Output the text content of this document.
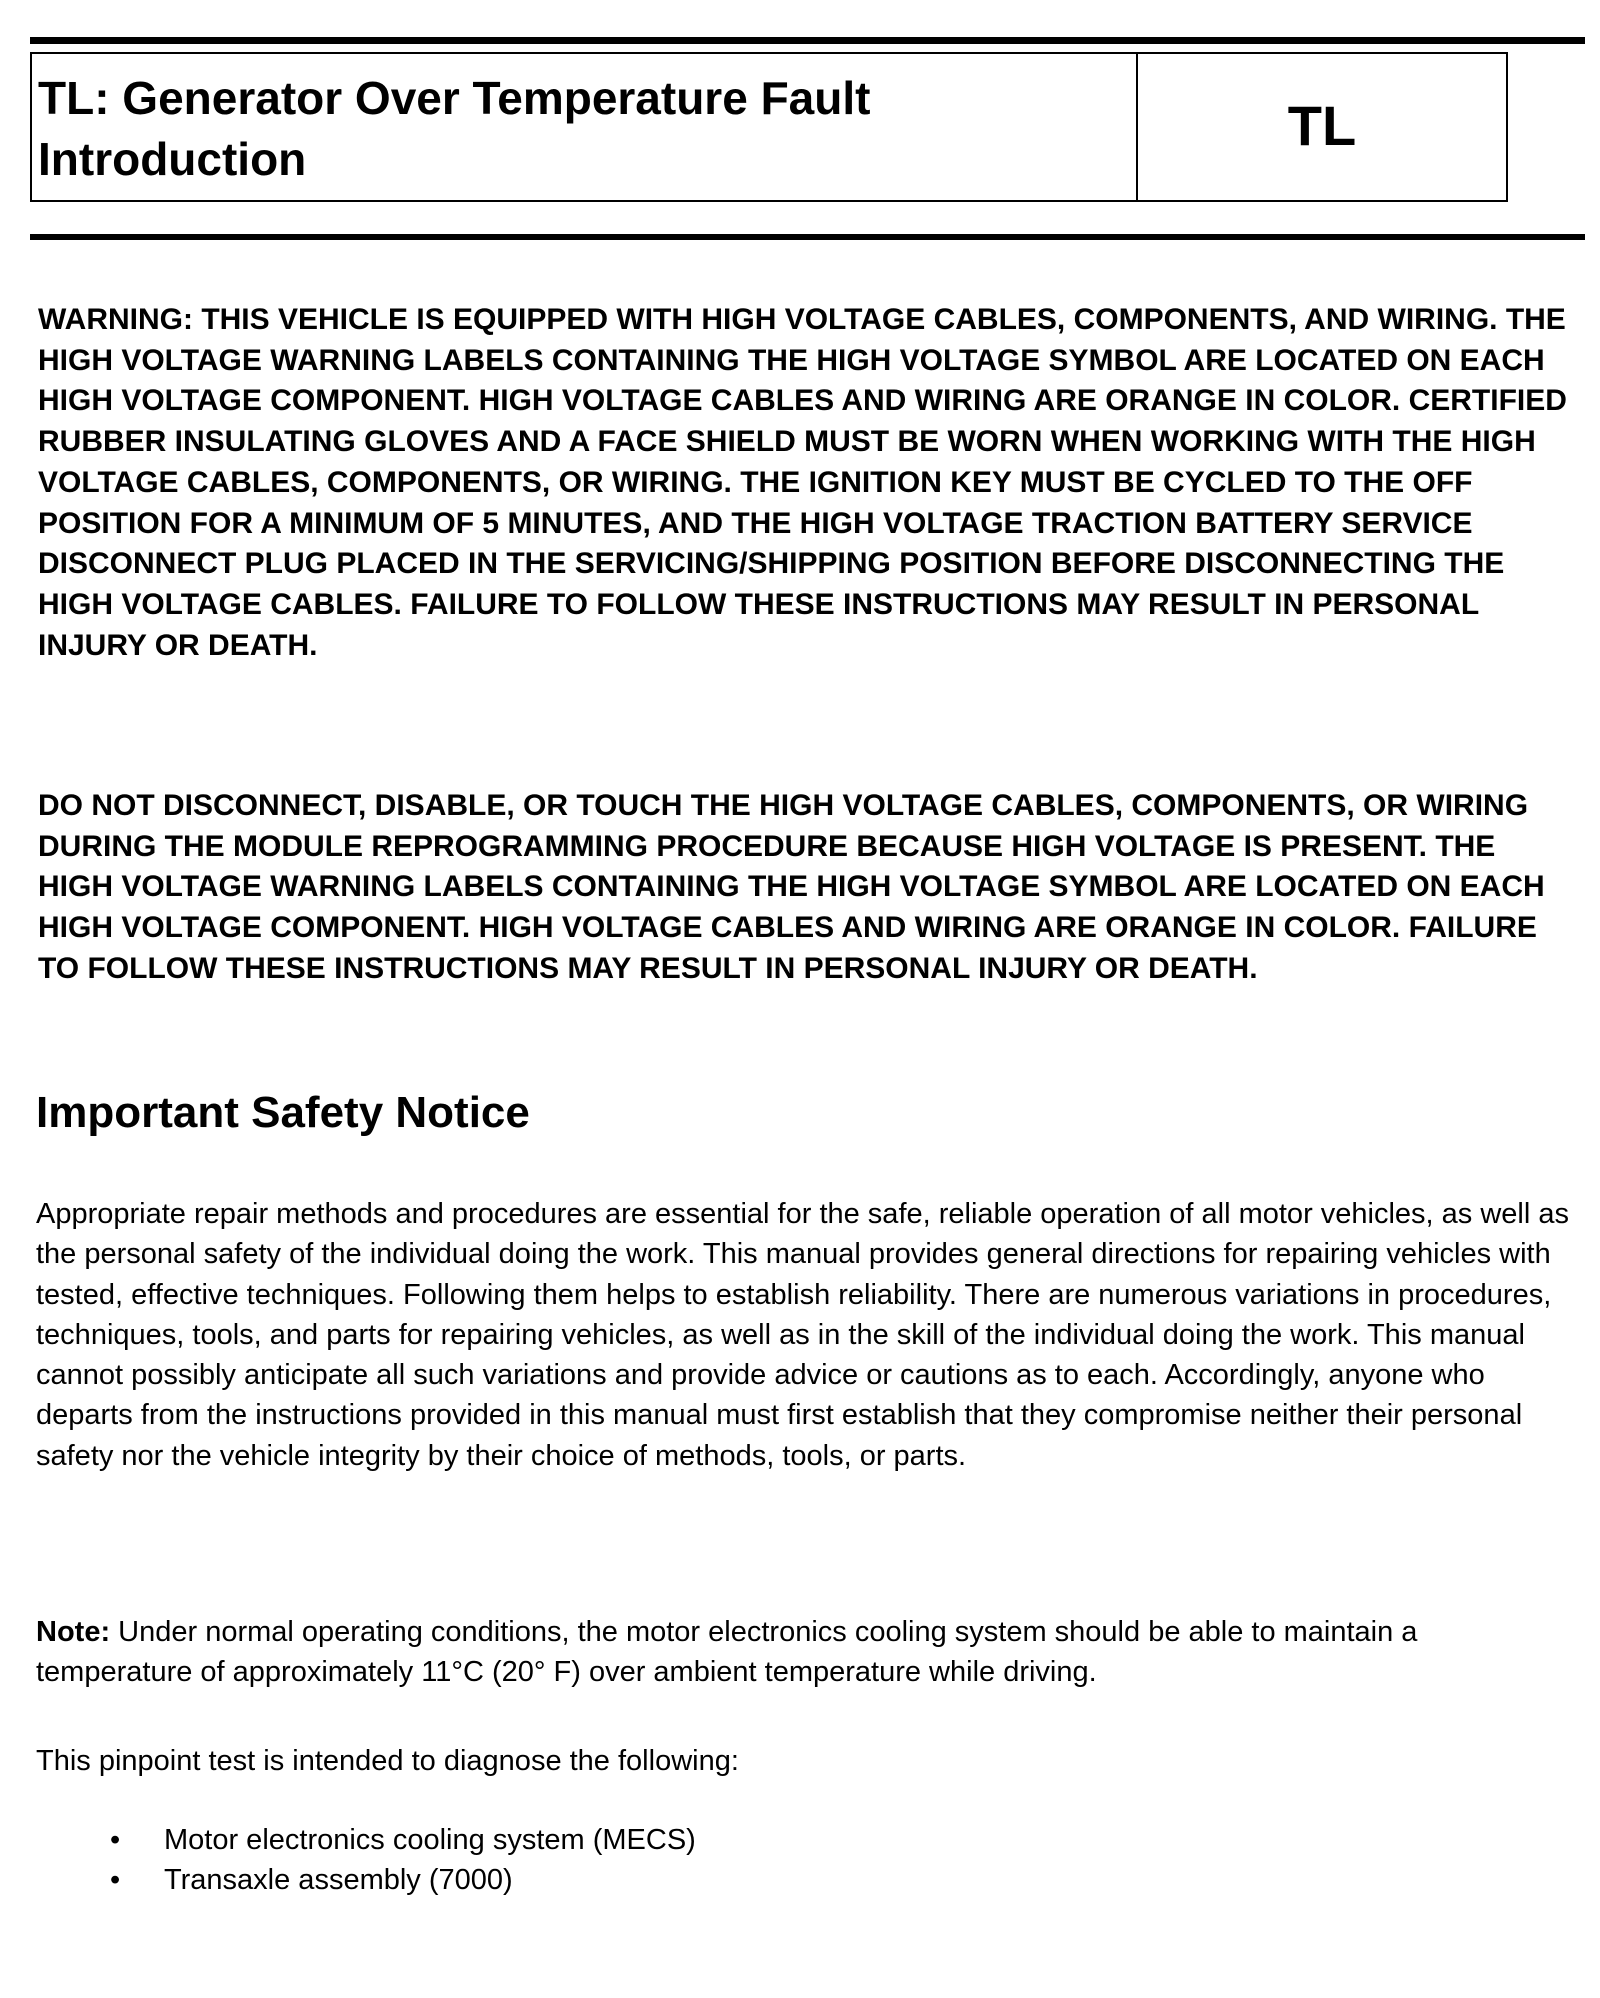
TL: Generator Over Temperature Fault
Introduction
TL

WARNING: THIS VEHICLE IS EQUIPPED WITH HIGH VOLTAGE CABLES, COMPONENTS, AND WIRING. THE HIGH VOLTAGE WARNING LABELS CONTAINING THE HIGH VOLTAGE SYMBOL ARE LOCATED ON EACH HIGH VOLTAGE COMPONENT. HIGH VOLTAGE CABLES AND WIRING ARE ORANGE IN COLOR. CERTIFIED RUBBER INSULATING GLOVES AND A FACE SHIELD MUST BE WORN WHEN WORKING WITH THE HIGH VOLTAGE CABLES, COMPONENTS, OR WIRING. THE IGNITION KEY MUST BE CYCLED TO THE OFF POSITION FOR A MINIMUM OF 5 MINUTES, AND THE HIGH VOLTAGE TRACTION BATTERY SERVICE DISCONNECT PLUG PLACED IN THE SERVICING/SHIPPING POSITION BEFORE DISCONNECTING THE HIGH VOLTAGE CABLES. FAILURE TO FOLLOW THESE INSTRUCTIONS MAY RESULT IN PERSONAL INJURY OR DEATH.

DO NOT DISCONNECT, DISABLE, OR TOUCH THE HIGH VOLTAGE CABLES, COMPONENTS, OR WIRING DURING THE MODULE REPROGRAMMING PROCEDURE BECAUSE HIGH VOLTAGE IS PRESENT. THE HIGH VOLTAGE WARNING LABELS CONTAINING THE HIGH VOLTAGE SYMBOL ARE LOCATED ON EACH HIGH VOLTAGE COMPONENT. HIGH VOLTAGE CABLES AND WIRING ARE ORANGE IN COLOR. FAILURE TO FOLLOW THESE INSTRUCTIONS MAY RESULT IN PERSONAL INJURY OR DEATH.

Important Safety Notice

Appropriate repair methods and procedures are essential for the safe, reliable operation of all motor vehicles, as well as the personal safety of the individual doing the work. This manual provides general directions for repairing vehicles with tested, effective techniques. Following them helps to establish reliability. There are numerous variations in procedures, techniques, tools, and parts for repairing vehicles, as well as in the skill of the individual doing the work. This manual cannot possibly anticipate all such variations and provide advice or cautions as to each. Accordingly, anyone who departs from the instructions provided in this manual must first establish that they compromise neither their personal safety nor the vehicle integrity by their choice of methods, tools, or parts.

Note: Under normal operating conditions, the motor electronics cooling system should be able to maintain a temperature of approximately 11°C (20° F) over ambient temperature while driving.

This pinpoint test is intended to diagnose the following:

• Motor electronics cooling system (MECS)
• Transaxle assembly (7000)
